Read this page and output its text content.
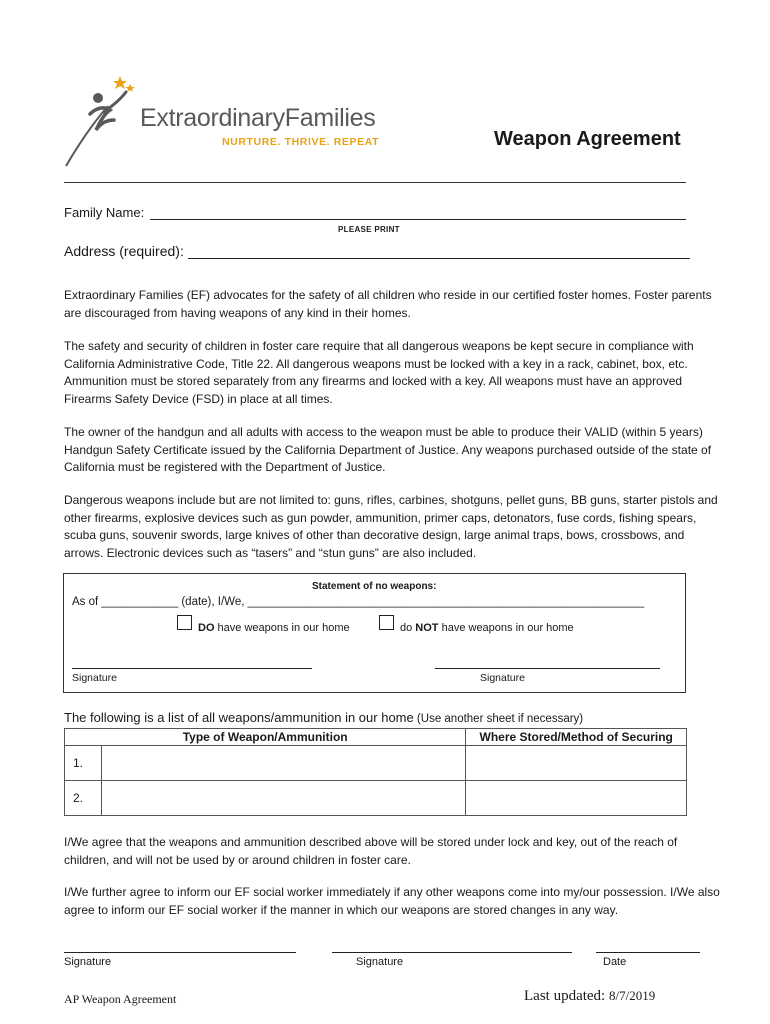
ExtraordinaryFamilies
NURTURE. THRIVE. REPEAT	Weapon Agreement
Family Name:
PLEASE PRINT
Address (required):
Extraordinary Families (EF) advocates for the safety of all children who reside in our certified foster homes. Foster parents are discouraged from having weapons of any kind in their homes.
The safety and security of children in foster care require that all dangerous weapons be kept secure in compliance with California Administrative Code, Title 22. All dangerous weapons must be locked with a key in a rack, cabinet, box, etc. Ammunition must be stored separately from any firearms and locked with a key. All weapons must have an approved Firearms Safety Device (FSD) in place at all times.
The owner of the handgun and all adults with access to the weapon must be able to produce their VALID (within 5 years) Handgun Safety Certificate issued by the California Department of Justice. Any weapons purchased outside of the state of California must be registered with the Department of Justice.
Dangerous weapons include but are not limited to: guns, rifles, carbines, shotguns, pellet guns, BB guns, starter pistols and other firearms, explosive devices such as gun powder, ammunition, primer caps, detonators, fuse cords, fishing spears, scuba guns, souvenir swords, large knives of other than decorative design, large animal traps, bows, crossbows, and arrows. Electronic devices such as “tasers” and “stun guns” are also included.
Statement of no weapons:
As of ____________ (date), I/We, ______________________________________________________________
DO have weapons in our home	do NOT have weapons in our home
Signature	Signature
The following is a list of all weapons/ammunition in our home (Use another sheet if necessary)
Type of Weapon/Ammunition		Where Stored/Method of Securing
1.		
2.		
I/We agree that the weapons and ammunition described above will be stored under lock and key, out of the reach of children, and will not be used by or around children in foster care.
I/We further agree to inform our EF social worker immediately if any other weapons come into my/our possession. I/We also agree to inform our EF social worker if the manner in which our weapons are stored changes in any way.
Signature	Signature	Date
AP Weapon Agreement	Last updated: 8/7/2019
